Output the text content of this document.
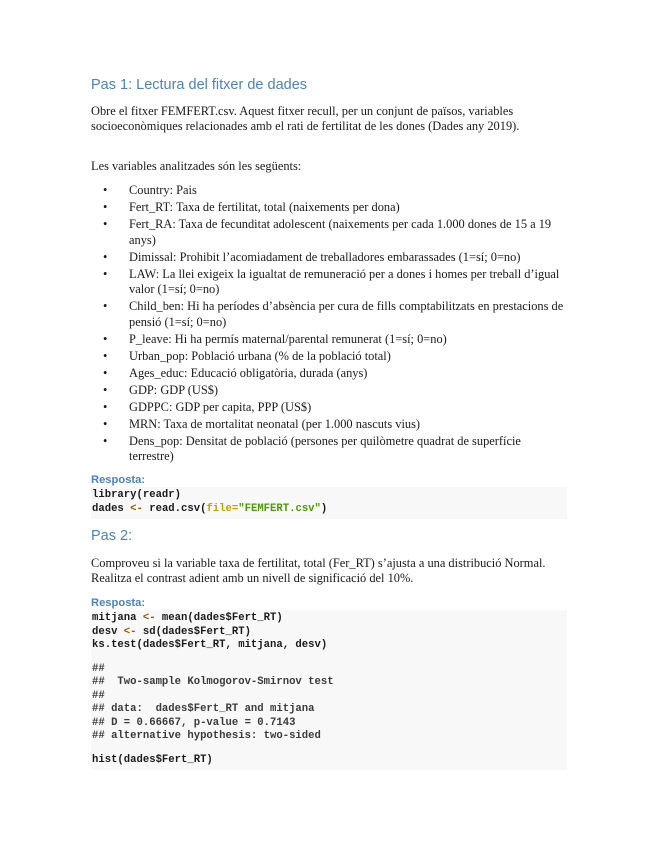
Pas 1: Lectura del fitxer de dades

Obre el fitxer FEMFERT.csv. Aquest fitxer recull, per un conjunt de països, variables socioeconòmiques relacionades amb el rati de fertilitat de les dones (Dades any 2019).

Les variables analitzades són les següents:

• Country: Pais
• Fert_RT: Taxa de fertilitat, total (naixements per dona)
• Fert_RA: Taxa de fecunditat adolescent (naixements per cada 1.000 dones de 15 a 19 anys)
• Dimissal: Prohibit l’acomiadament de treballadores embarassades (1=sí; 0=no)
• LAW: La llei exigeix la igualtat de remuneració per a dones i homes per treball d’igual valor (1=sí; 0=no)
• Child_ben: Hi ha períodes d’absència per cura de fills comptabilitzats en prestacions de pensió (1=sí; 0=no)
• P_leave: Hi ha permís maternal/parental remunerat (1=sí; 0=no)
• Urban_pop: Població urbana (% de la població total)
• Ages_educ: Educació obligatòria, durada (anys)
• GDP: GDP (US$)
• GDPPC: GDP per capita, PPP (US$)
• MRN: Taxa de mortalitat neonatal (per 1.000 nascuts vius)
• Dens_pop: Densitat de població (persones per quilòmetre quadrat de superfície terrestre)
Resposta:
library(readr)
dades <- read.csv(file="FEMFERT.csv")
Pas 2:

Comproveu si la variable taxa de fertilitat, total (Fer_RT) s’ajusta a una distribució Normal. Realitza el contrast adient amb un nivell de significació del 10%.

Resposta:
mitjana <- mean(dades$Fert_RT)
desv <- sd(dades$Fert_RT)
ks.test(dades$Fert_RT, mitjana, desv)
##
##  Two-sample Kolmogorov-Smirnov test
##
## data:  dades$Fert_RT and mitjana
## D = 0.66667, p-value = 0.7143
## alternative hypothesis: two-sided
hist(dades$Fert_RT)
